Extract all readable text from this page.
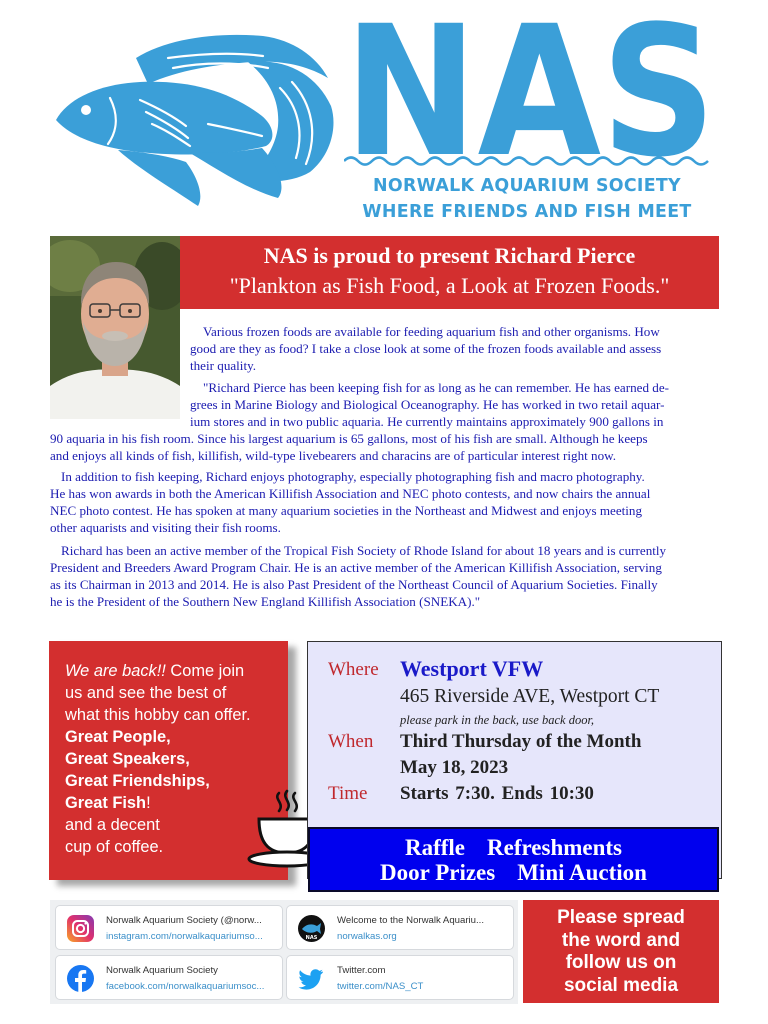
NAS
NORWALK AQUARIUM SOCIETY
WHERE FRIENDS AND FISH MEET
NAS is proud to present Richard Pierce
"Plankton as Fish Food, a Look at Frozen Foods."
Various frozen foods are available for feeding aquarium fish and other organisms. How
good are they as food? I take a close look at some of the frozen foods available and assess
their quality.
"Richard Pierce has been keeping fish for as long as he can remember. He has earned de-
grees in Marine Biology and Biological Oceanography. He has worked in two retail aquar-
ium stores and in two public aquaria. He currently maintains approximately 900 gallons in
90 aquaria in his fish room. Since his largest aquarium is 65 gallons, most of his fish are small. Although he keeps
and enjoys all kinds of fish, killifish, wild-type livebearers and characins are of particular interest right now.
In addition to fish keeping, Richard enjoys photography, especially photographing fish and macro photography.
He has won awards in both the American Killifish Association and NEC photo contests, and now chairs the annual
NEC photo contest. He has spoken at many aquarium societies in the Northeast and Midwest and enjoys meeting
other aquarists and visiting their fish rooms.
Richard has been an active member of the Tropical Fish Society of Rhode Island for about 18 years and is currently
President and Breeders Award Program Chair. He is an active member of the American Killifish Association, serving
as its Chairman in 2013 and 2014. He is also Past President of the Northeast Council of Aquarium Societies. Finally
he is the President of the Southern New England Killifish Association (SNEKA)."
We are back!! Come join
us and see the best of
what this hobby can offer.
Great People,
Great Speakers,
Great Friendships,
Great Fish!
and a decent
cup of coffee.
Where Westport VFW
465 Riverside AVE, Westport CT
please park in the back, use back door,
When Third Thursday of the Month
May 18, 2023
Time Starts 7:30. Ends 10:30
Raffle Refreshments
Door Prizes Mini Auction
Norwalk Aquarium Society (@norw...
instagram.com/norwalkaquariumso...	NAS
Welcome to the Norwalk Aquariu...
norwalkas.org
Norwalk Aquarium Society
facebook.com/norwalkaquariumsoc...
Twitter.com
twitter.com/NAS_CT
Please spread
the word and
follow us on
social media
